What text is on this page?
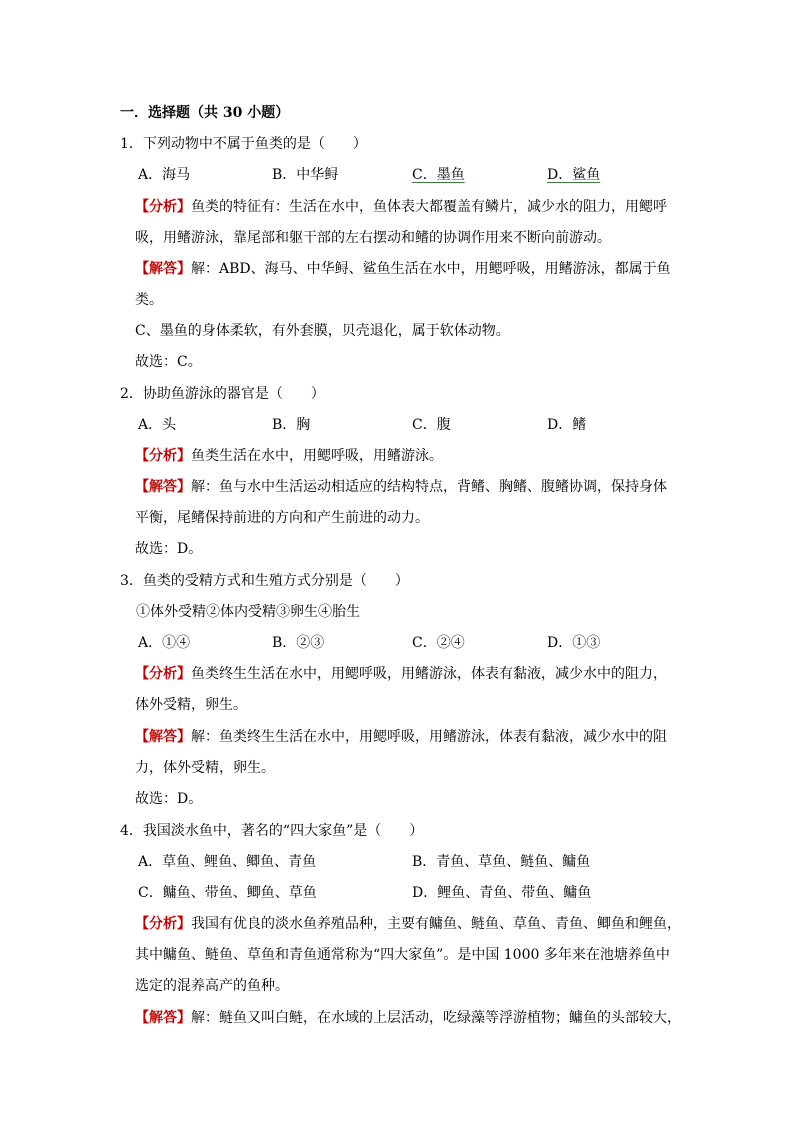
一．选择题（共 30 小题）
1．下列动物中不属于鱼类的是（　　）
A．海马	B．中华鲟	C．墨鱼	D．鲨鱼
【分析】鱼类的特征有：生活在水中，鱼体表大都覆盖有鳞片，减少水的阻力，用鳃呼
吸，用鳍游泳，靠尾部和躯干部的左右摆动和鳍的协调作用来不断向前游动。
【解答】解：ABD、海马、中华鲟、鲨鱼生活在水中，用鳃呼吸，用鳍游泳，都属于鱼
类。
C、墨鱼的身体柔软，有外套膜，贝壳退化，属于软体动物。
故选：C。
2．协助鱼游泳的器官是（　　）
A．头	B．胸	C．腹	D．鳍
【分析】鱼类生活在水中，用鳃呼吸，用鳍游泳。
【解答】解：鱼与水中生活运动相适应的结构特点，背鳍、胸鳍、腹鳍协调，保持身体
平衡，尾鳍保持前进的方向和产生前进的动力。
故选：D。
3．鱼类的受精方式和生殖方式分别是（　　）
①体外受精②体内受精③卵生④胎生
A．①④	B．②③	C．②④	D．①③
【分析】鱼类终生生活在水中，用鳃呼吸，用鳍游泳，体表有黏液，减少水中的阻力，
体外受精，卵生。
【解答】解：鱼类终生生活在水中，用鳃呼吸，用鳍游泳，体表有黏液，减少水中的阻
力，体外受精，卵生。
故选：D。
4．我国淡水鱼中，著名的“四大家鱼”是（　　）
A．草鱼、鲤鱼、鲫鱼、青鱼	B．青鱼、草鱼、鲢鱼、鳙鱼
C．鳙鱼、带鱼、鲫鱼、草鱼	D．鲤鱼、青鱼、带鱼、鳙鱼
【分析】我国有优良的淡水鱼养殖品种，主要有鳙鱼、鲢鱼、草鱼、青鱼、鲫鱼和鲤鱼，
其中鳙鱼、鲢鱼、草鱼和青鱼通常称为“四大家鱼”。是中国 1000 多年来在池塘养鱼中
选定的混养高产的鱼种。
【解答】解：鲢鱼又叫白鲢，在水域的上层活动，吃绿藻等浮游植物；鳙鱼的头部较大，
